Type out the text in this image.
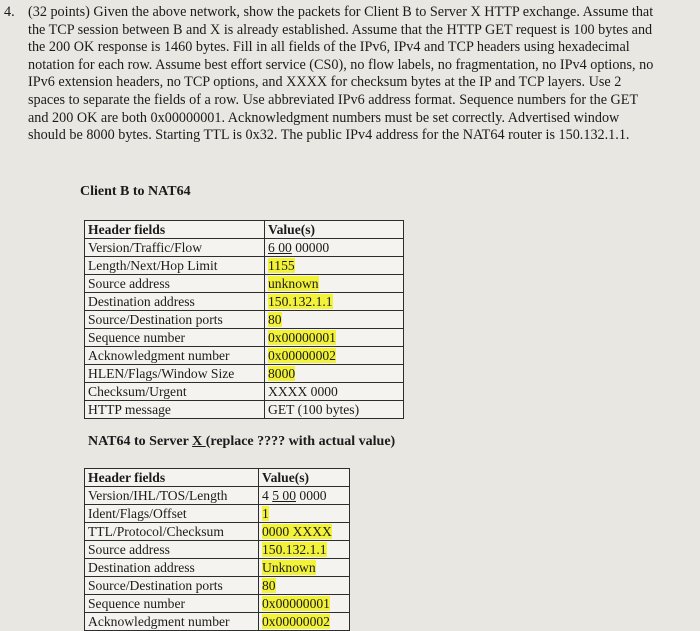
4. (32 points) Given the above network, show the packets for Client B to Server X HTTP exchange. Assume that the TCP session between B and X is already established. Assume that the HTTP GET request is 100 bytes and the 200 OK response is 1460 bytes. Fill in all fields of the IPv6, IPv4 and TCP headers using hexadecimal notation for each row. Assume best effort service (CS0), no flow labels, no fragmentation, no IPv4 options, no IPv6 extension headers, no TCP options, and XXXX for checksum bytes at the IP and TCP layers. Use 2 spaces to separate the fields of a row. Use abbreviated IPv6 address format. Sequence numbers for the GET and 200 OK are both 0x00000001. Acknowledgment numbers must be set correctly. Advertised window should be 8000 bytes. Starting TTL is 0x32. The public IPv4 address for the NAT64 router is 150.132.1.1.
Client B to NAT64
Header fields	Value(s)
Version/Traffic/Flow	6 00 00000
Length/Next/Hop Limit	1155
Source address	unknown
Destination address	150.132.1.1
Source/Destination ports	80
Sequence number	0x00000001
Acknowledgment number	0x00000002
HLEN/Flags/Window Size	8000
Checksum/Urgent	XXXX 0000
HTTP message	GET (100 bytes)
NAT64 to Server X (replace ???? with actual value)
Header fields	Value(s)
Version/IHL/TOS/Length	4 5 00 0000
Ident/Flags/Offset	1
TTL/Protocol/Checksum	0000 XXXX
Source address	150.132.1.1
Destination address	Unknown
Source/Destination ports	80
Sequence number	0x00000001
Acknowledgment number	0x00000002
